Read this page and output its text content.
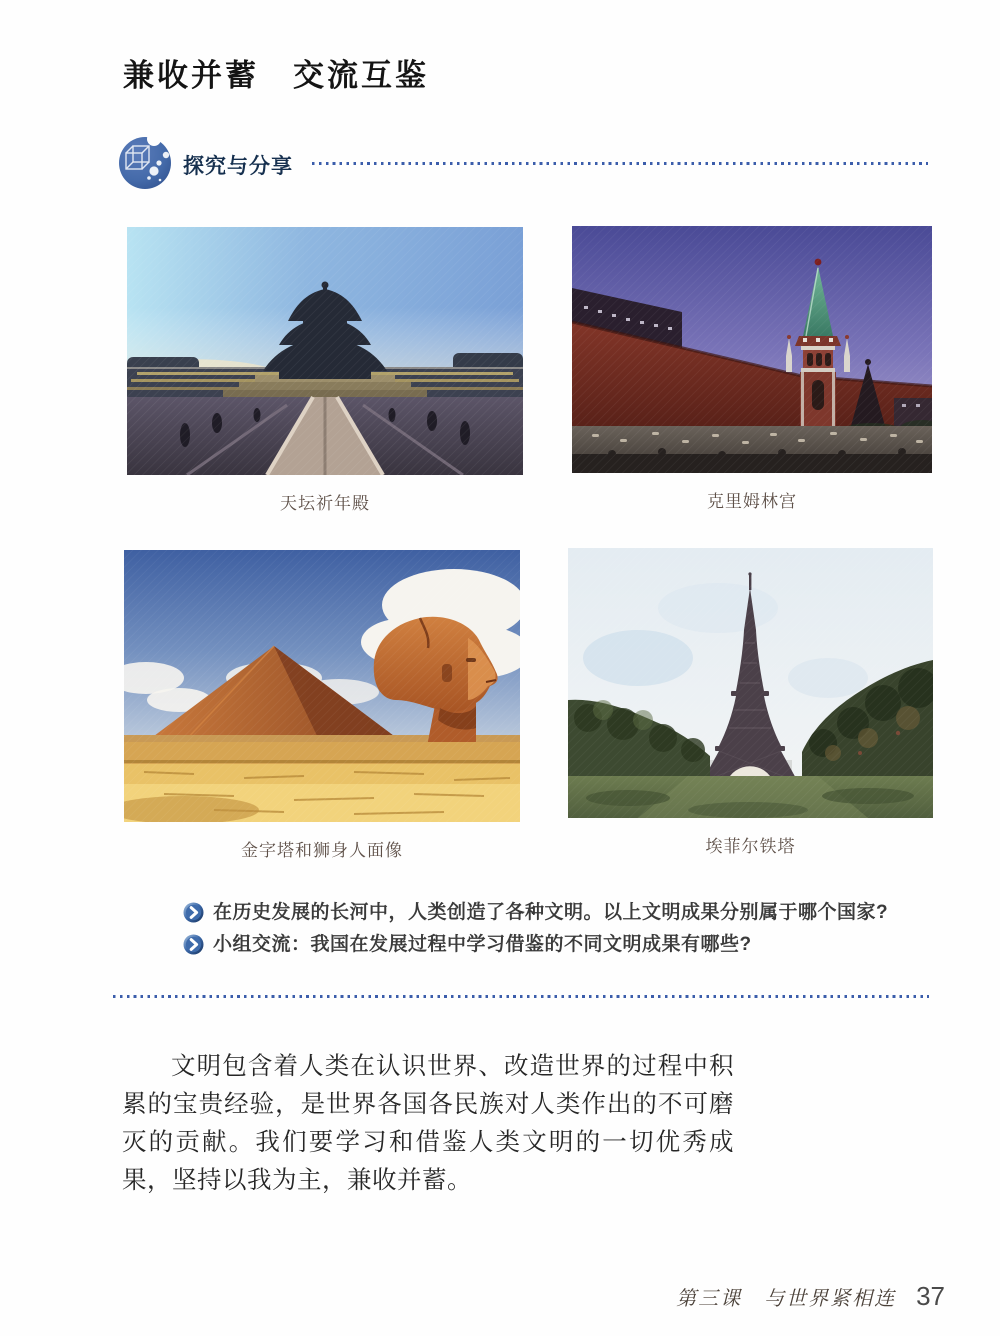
兼收并蓄　交流互鉴
探究与分享
天坛祈年殿	克里姆林宫
金字塔和狮身人面像	埃菲尔铁塔
在历史发展的长河中，人类创造了各种文明。以上文明成果分别属于哪个国家?
小组交流：我国在发展过程中学习借鉴的不同文明成果有哪些?

文明包含着人类在认识世界、改造世界的过程中积累的宝贵经验，是世界各国各民族对人类作出的不可磨灭的贡献。我们要学习和借鉴人类文明的一切优秀成果，坚持以我为主，兼收并蓄。

第三课　与世界紧相连 37
